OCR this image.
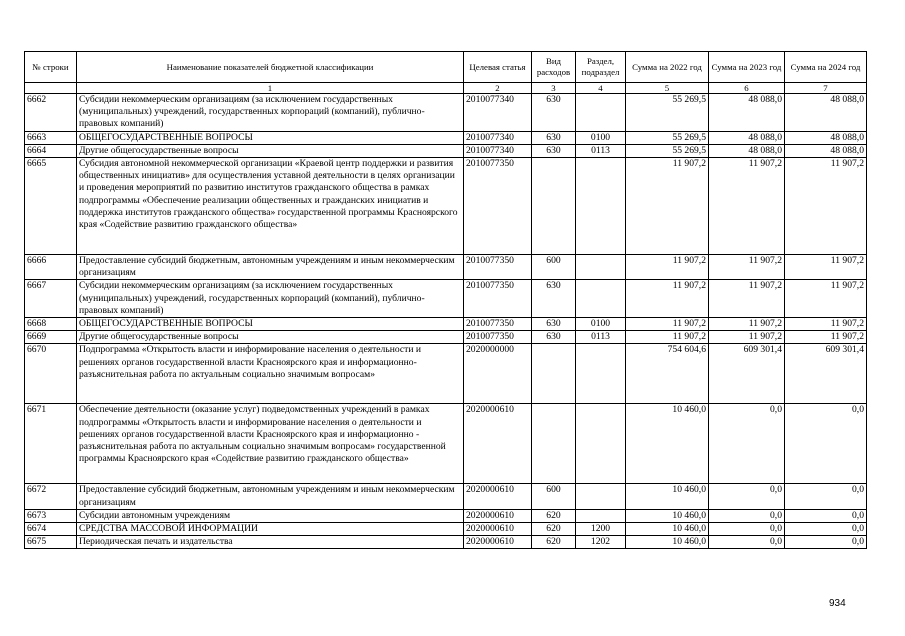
№ строки	Наименование показателей бюджетной классификации	Целевая статья	Вид расходов	Раздел, подраздел	Сумма на 2022 год	Сумма на 2023 год	Сумма на 2024 год
	1	2	3	4	5	6	7
6662	Субсидии некоммерческим организациям (за исключением государственных (муниципальных) учреждений, государственных корпораций (компаний), публично-правовых компаний)	2010077340	630		55 269,5	48 088,0	48 088,0
6663	ОБЩЕГОСУДАРСТВЕННЫЕ ВОПРОСЫ	2010077340	630	0100	55 269,5	48 088,0	48 088,0
6664	Другие общегосударственные вопросы	2010077340	630	0113	55 269,5	48 088,0	48 088,0
6665	Субсидия автономной некоммерческой организации «Краевой центр поддержки и развития общественных инициатив» для осуществления уставной деятельности в целях организации и проведения мероприятий по развитию институтов гражданского общества в рамках подпрограммы «Обеспечение реализации общественных и гражданских инициатив и поддержка институтов гражданского общества» государственной программы Красноярского края «Содействие развитию гражданского общества»	2010077350			11 907,2	11 907,2	11 907,2
6666	Предоставление субсидий бюджетным, автономным учреждениям и иным некоммерческим организациям	2010077350	600		11 907,2	11 907,2	11 907,2
6667	Субсидии некоммерческим организациям (за исключением государственных (муниципальных) учреждений, государственных корпораций (компаний), публично-правовых компаний)	2010077350	630		11 907,2	11 907,2	11 907,2
6668	ОБЩЕГОСУДАРСТВЕННЫЕ ВОПРОСЫ	2010077350	630	0100	11 907,2	11 907,2	11 907,2
6669	Другие общегосударственные вопросы	2010077350	630	0113	11 907,2	11 907,2	11 907,2
6670	Подпрограмма «Открытость власти и информирование населения о деятельности и решениях органов государственной власти Красноярского края и информационно-разъяснительная работа по актуальным социально значимым вопросам»	2020000000			754 604,6	609 301,4	609 301,4
6671	Обеспечение деятельности (оказание услуг) подведомственных учреждений в рамках подпрограммы «Открытость власти и информирование населения о деятельности и решениях органов государственной власти Красноярского края и информационно - разъяснительная работа по актуальным социально значимым вопросам» государственной программы Красноярского края «Содействие развитию гражданского общества»	2020000610			10 460,0	0,0	0,0
6672	Предоставление субсидий бюджетным, автономным учреждениям и иным некоммерческим организациям	2020000610	600		10 460,0	0,0	0,0
6673	Субсидии автономным учреждениям	2020000610	620		10 460,0	0,0	0,0
6674	СРЕДСТВА МАССОВОЙ ИНФОРМАЦИИ	2020000610	620	1200	10 460,0	0,0	0,0
6675	Периодическая печать и издательства	2020000610	620	1202	10 460,0	0,0	0,0
934
